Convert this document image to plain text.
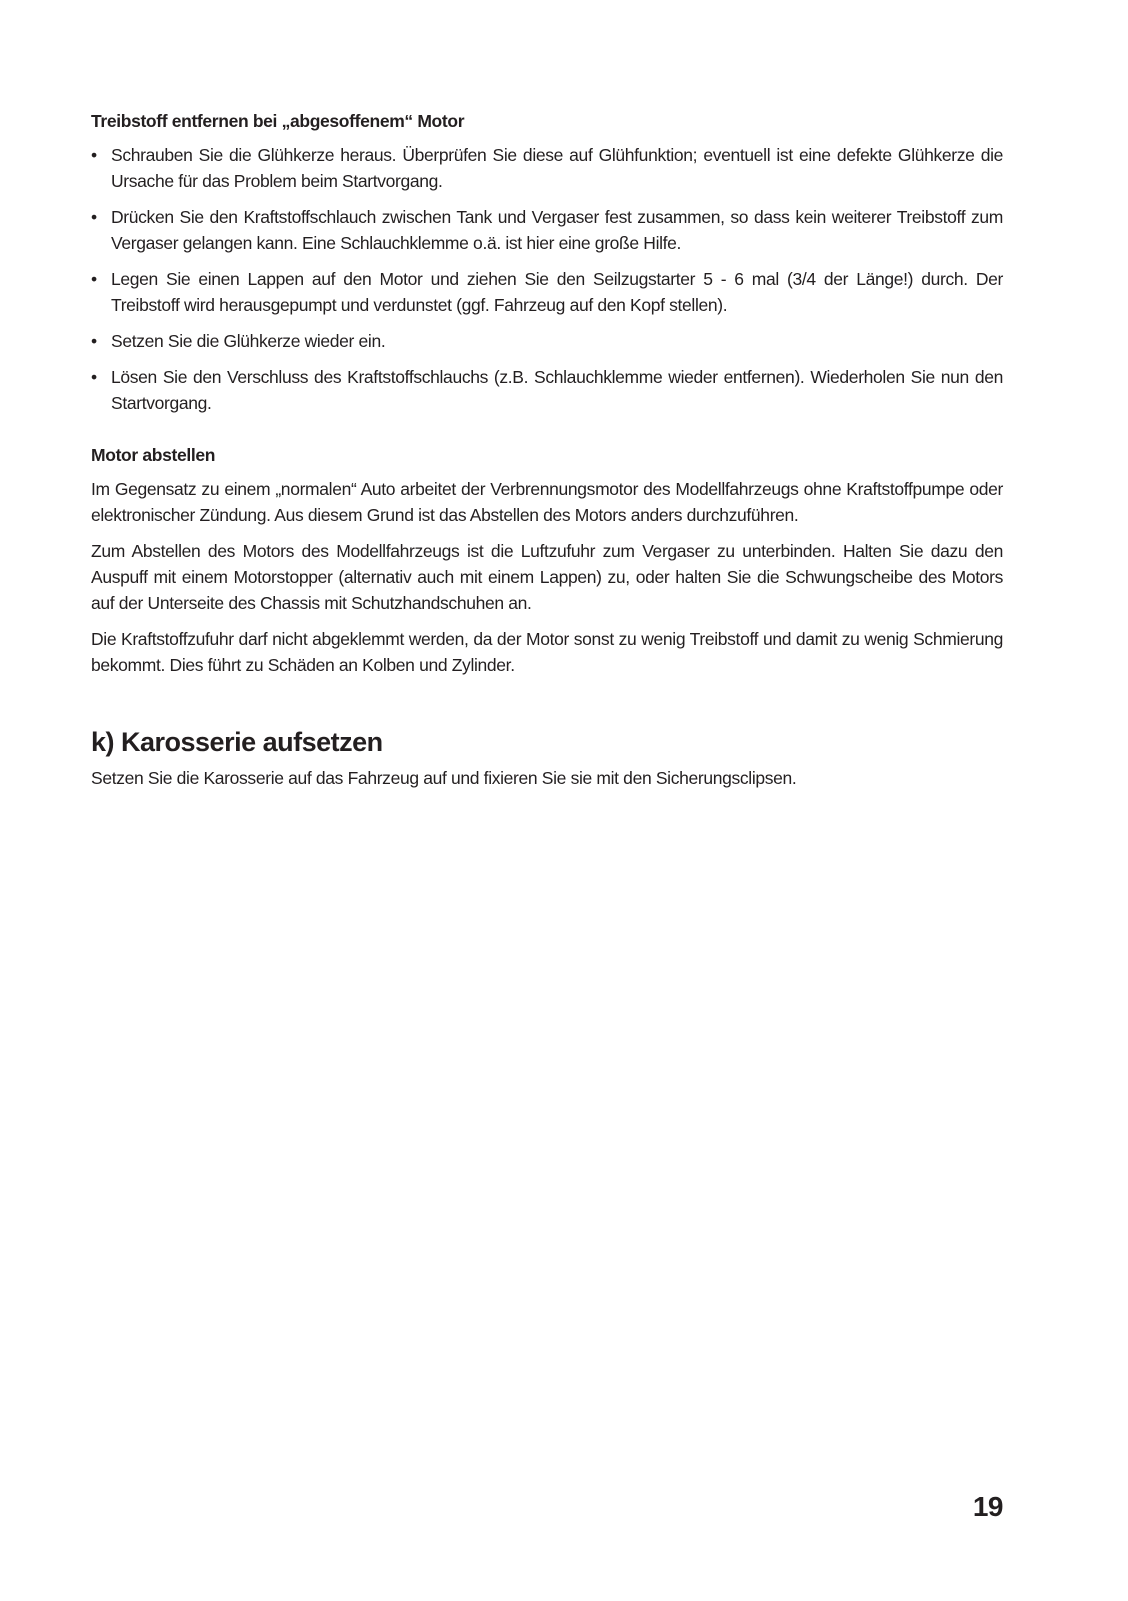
Treibstoff entfernen bei „abgesoffenem“ Motor
• Schrauben Sie die Glühkerze heraus. Überprüfen Sie diese auf Glühfunktion; eventuell ist eine defekte Glühkerze die Ursache für das Problem beim Startvorgang.
• Drücken Sie den Kraftstoffschlauch zwischen Tank und Vergaser fest zusammen, so dass kein weiterer Treibstoff zum Vergaser gelangen kann. Eine Schlauchklemme o.ä. ist hier eine große Hilfe.
• Legen Sie einen Lappen auf den Motor und ziehen Sie den Seilzugstarter 5 - 6 mal (3/4 der Länge!) durch. Der Treibstoff wird herausgepumpt und verdunstet (ggf. Fahrzeug auf den Kopf stellen).
• Setzen Sie die Glühkerze wieder ein.
• Lösen Sie den Verschluss des Kraftstoffschlauchs (z.B. Schlauchklemme wieder entfernen). Wiederholen Sie nun den Startvorgang.
Motor abstellen

Im Gegensatz zu einem „normalen“ Auto arbeitet der Verbrennungsmotor des Modellfahrzeugs ohne Kraftstoffpumpe oder elektronischer Zündung. Aus diesem Grund ist das Abstellen des Motors anders durchzuführen.

Zum Abstellen des Motors des Modellfahrzeugs ist die Luftzufuhr zum Vergaser zu unterbinden. Halten Sie dazu den Auspuff mit einem Motorstopper (alternativ auch mit einem Lappen) zu, oder halten Sie die Schwungscheibe des Motors auf der Unterseite des Chassis mit Schutzhandschuhen an.

Die Kraftstoffzufuhr darf nicht abgeklemmt werden, da der Motor sonst zu wenig Treibstoff und damit zu wenig Schmierung bekommt. Dies führt zu Schäden an Kolben und Zylinder.

k) Karosserie aufsetzen

Setzen Sie die Karosserie auf das Fahrzeug auf und fixieren Sie sie mit den Sicherungsclipsen.

19
